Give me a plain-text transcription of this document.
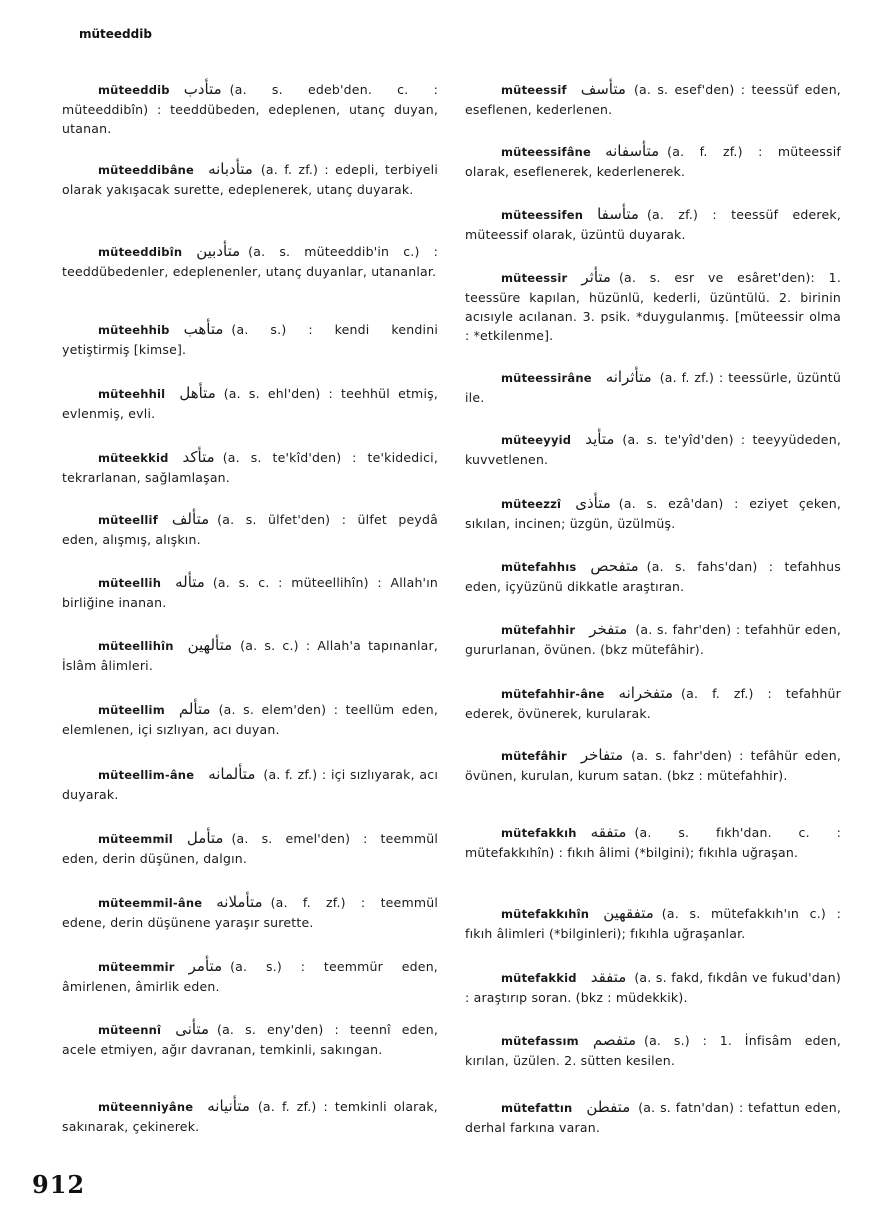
müteeddib
müteeddib متأدب (a. s. edeb'den. c. : müteeddibîn) : teeddübeden, edeplenen, utanç duyan, utanan.
müteeddibâne متأدبانه (a. f. zf.) : edepli, terbiyeli olarak yakışacak surette, edeplenerek, utanç duyarak.
müteeddibîn متأدبين (a. s. müteeddib'in c.) : teeddübedenler, edeplenenler, utanç duyanlar, utananlar.
müteehhib متأهب (a. s.) : kendi kendini yetiştirmiş [kimse].
müteehhil متأهل (a. s. ehl'den) : teehhül etmiş, evlenmiş, evli.
müteekkid متأكد (a. s. te'kîd'den) : te'kidedici, tekrarlanan, sağlamlaşan.
müteellif متألف (a. s. ülfet'den) : ülfet peydâ eden, alışmış, alışkın.
müteellih متأله (a. s. c. : müteellihîn) : Allah'ın birliğine inanan.
müteellihîn متألهين (a. s. c.) : Allah'a tapınanlar, İslâm âlimleri.
müteellim متألم (a. s. elem'den) : teellüm eden, elemlenen, içi sızlıyan, acı duyan.
müteellim-âne متألمانه (a. f. zf.) : içi sızlıyarak, acı duyarak.
müteemmil متأمل (a. s. emel'den) : teemmül eden, derin düşünen, dalgın.
müteemmil-âne متأملانه (a. f. zf.) : teemmül edene, derin düşünene yaraşır surette.
müteemmir متأمر (a. s.) : teemmür eden, âmirlenen, âmirlik eden.
müteennî متأنى (a. s. eny'den) : teennî eden, acele etmiyen, ağır davranan, temkinli, sakıngan.
müteenniyâne متأنيانه (a. f. zf.) : temkinli olarak, sakınarak, çekinerek.
müteessif متأسف (a. s. esef'den) : teessüf eden, eseflenen, kederlenen.
müteessifâne متأسفانه (a. f. zf.) : müteessif olarak, eseflenerek, kederlenerek.
müteessifen متأسفا (a. zf.) : teessüf ederek, müteessif olarak, üzüntü duyarak.
müteessir متأثر (a. s. esr ve esâret'den): 1. teessüre kapılan, hüzünlü, kederli, üzüntülü. 2. birinin acısıyle acılanan. 3. psik. *duygulanmış. [müteessir olma : *etkilenme].
müteessirâne متأثرانه (a. f. zf.) : teessürle, üzüntü ile.
müteeyyid متأيد (a. s. te'yîd'den) : teeyyüdeden, kuvvetlenen.
müteezzî متأذى (a. s. ezâ'dan) : eziyet çeken, sıkılan, incinen; üzgün, üzülmüş.
mütefahhıs متفحص (a. s. fahs'dan) : tefahhus eden, içyüzünü dikkatle araştıran.
mütefahhir متفخر (a. s. fahr'den) : tefahhür eden, gururlanan, övünen. (bkz mütefâhir).
mütefahhir-âne متفخرانه (a. f. zf.) : tefahhür ederek, övünerek, kurularak.
mütefâhir متفاخر (a. s. fahr'den) : tefâhür eden, övünen, kurulan, kurum satan. (bkz : mütefahhir).
mütefakkıh متفقه (a. s. fıkh'dan. c. : mütefakkıhîn) : fıkıh âlimi (*bilgini); fıkıhla uğraşan.
mütefakkıhîn متفقهين (a. s. mütefakkıh'ın c.) : fıkıh âlimleri (*bilginleri); fıkıhla uğraşanlar.
mütefakkid متفقد (a. s. fakd, fıkdân ve fukud'dan) : araştırıp soran. (bkz : müdekkik).
mütefassım متفصم (a. s.) : 1. İnfisâm eden, kırılan, üzülen. 2. sütten kesilen.
mütefattın متفطن (a. s. fatn'dan) : tefattun eden, derhal farkına varan.
912
